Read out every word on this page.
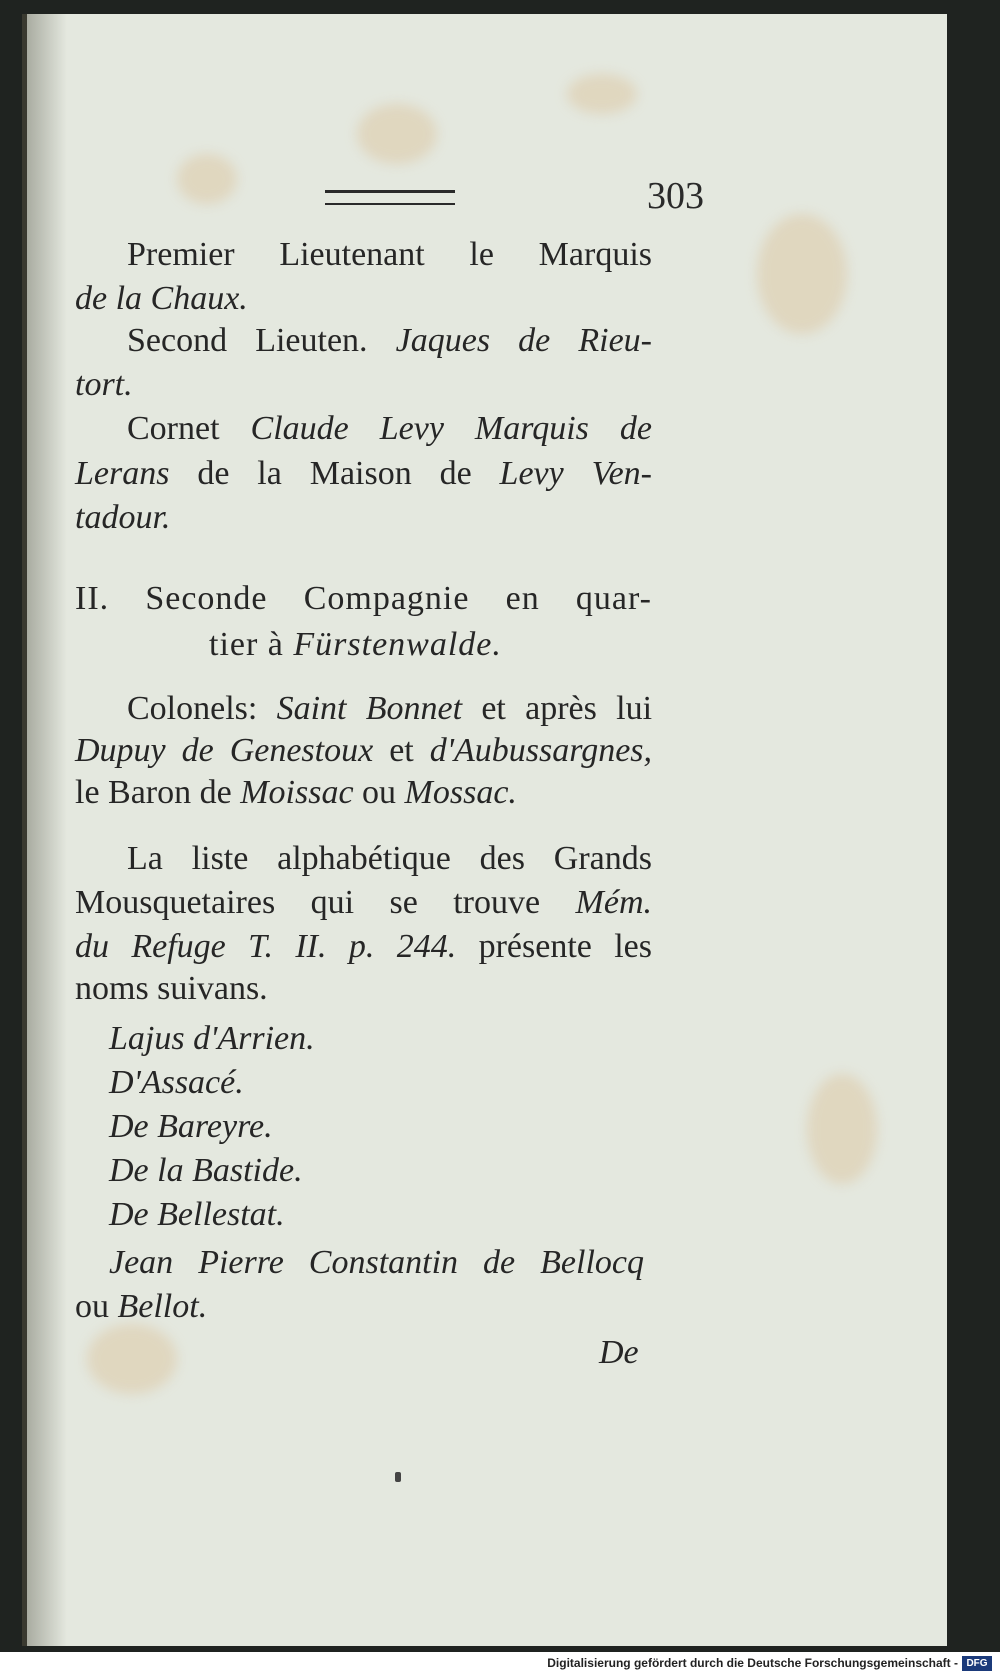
303
Premier Lieutenant le Marquis
de la Chaux.
Second Lieuten. Jaques de Rieu-
tort.
Cornet Claude Levy Marquis de
Lerans de la Maison de Levy Ven-
tadour.
II. Seconde Compagnie en quar-
tier à Fürstenwalde.
Colonels: Saint Bonnet et après lui
Dupuy de Genestoux et d'Aubussargnes,
le Baron de Moissac ou Mossac.
La liste alphabétique des Grands
Mousquetaires qui se trouve Mém.
du Refuge T. II. p. 244. présente les
noms suivans.
Lajus d'Arrien.
D'Assacé.
De Bareyre.
De la Bastide.
De Bellestat.
Jean Pierre Constantin de Bellocq
ou Bellot.
De
Digitalisierung gefördert durch die Deutsche Forschungsgemeinschaft - DFG
